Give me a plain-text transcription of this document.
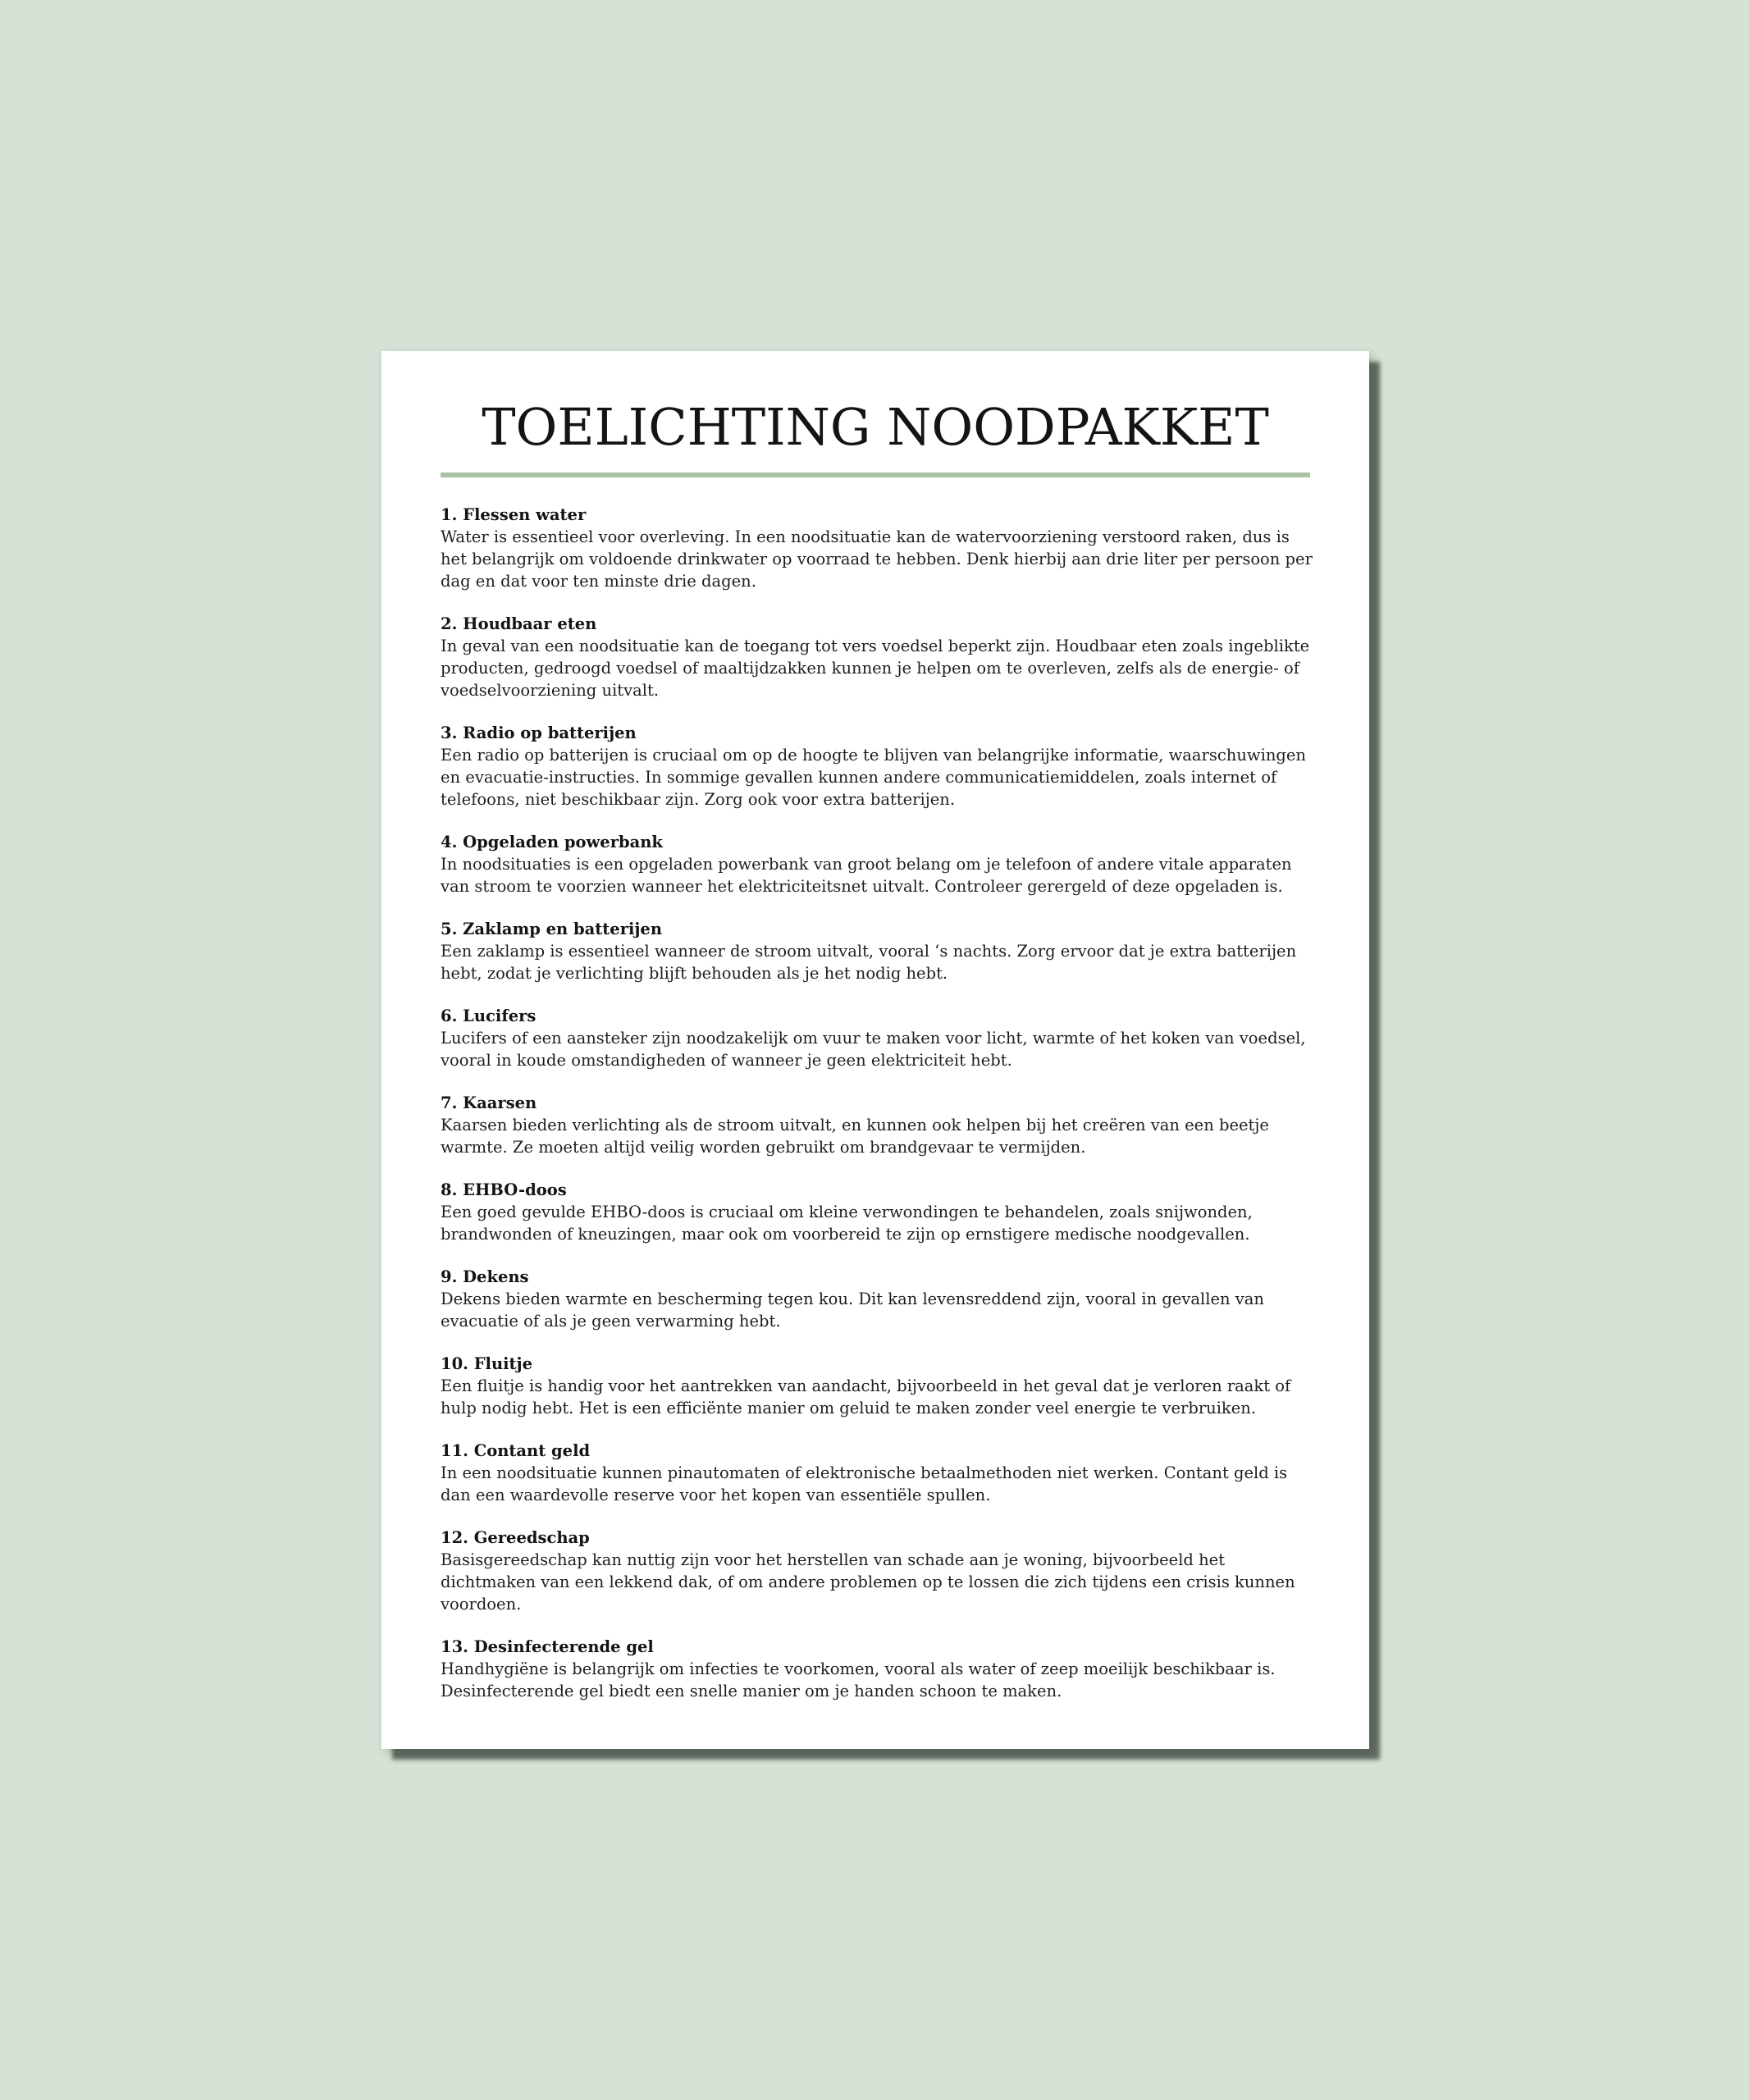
TOELICHTING NOODPAKKET

1. Flessen water

Water is essentieel voor overleving. In een noodsituatie kan de watervoorziening verstoord raken, dus is het belangrijk om voldoende drinkwater op voorraad te hebben. Denk hierbij aan drie liter per persoon per dag en dat voor ten minste drie dagen.

2. Houdbaar eten

In geval van een noodsituatie kan de toegang tot vers voedsel beperkt zijn. Houdbaar eten zoals ingeblikte producten, gedroogd voedsel of maaltijdzakken kunnen je helpen om te overleven, zelfs als de energie- of voedselvoorziening uitvalt.

3. Radio op batterijen

Een radio op batterijen is cruciaal om op de hoogte te blijven van belangrijke informatie, waarschuwingen en evacuatie-instructies. In sommige gevallen kunnen andere communicatiemiddelen, zoals internet of telefoons, niet beschikbaar zijn. Zorg ook voor extra batterijen.

4. Opgeladen powerbank

In noodsituaties is een opgeladen powerbank van groot belang om je telefoon of andere vitale apparaten van stroom te voorzien wanneer het elektriciteitsnet uitvalt. Controleer gerergeld of deze opgeladen is.

5. Zaklamp en batterijen

Een zaklamp is essentieel wanneer de stroom uitvalt, vooral ‘s nachts. Zorg ervoor dat je extra batterijen hebt, zodat je verlichting blijft behouden als je het nodig hebt.

6. Lucifers

Lucifers of een aansteker zijn noodzakelijk om vuur te maken voor licht, warmte of het koken van voedsel, vooral in koude omstandigheden of wanneer je geen elektriciteit hebt.

7. Kaarsen

Kaarsen bieden verlichting als de stroom uitvalt, en kunnen ook helpen bij het creëren van een beetje warmte. Ze moeten altijd veilig worden gebruikt om brandgevaar te vermijden.

8. EHBO-doos

Een goed gevulde EHBO-doos is cruciaal om kleine verwondingen te behandelen, zoals snijwonden, brandwonden of kneuzingen, maar ook om voorbereid te zijn op ernstigere medische noodgevallen.

9. Dekens

Dekens bieden warmte en bescherming tegen kou. Dit kan levensreddend zijn, vooral in gevallen van evacuatie of als je geen verwarming hebt.

10. Fluitje

Een fluitje is handig voor het aantrekken van aandacht, bijvoorbeeld in het geval dat je verloren raakt of hulp nodig hebt. Het is een efficiënte manier om geluid te maken zonder veel energie te verbruiken.

11. Contant geld

In een noodsituatie kunnen pinautomaten of elektronische betaalmethoden niet werken. Contant geld is dan een waardevolle reserve voor het kopen van essentiële spullen.

12. Gereedschap

Basisgereedschap kan nuttig zijn voor het herstellen van schade aan je woning, bijvoorbeeld het dichtmaken van een lekkend dak, of om andere problemen op te lossen die zich tijdens een crisis kunnen voordoen.

13. Desinfecterende gel

Handhygiëne is belangrijk om infecties te voorkomen, vooral als water of zeep moeilijk beschikbaar is. Desinfecterende gel biedt een snelle manier om je handen schoon te maken.
